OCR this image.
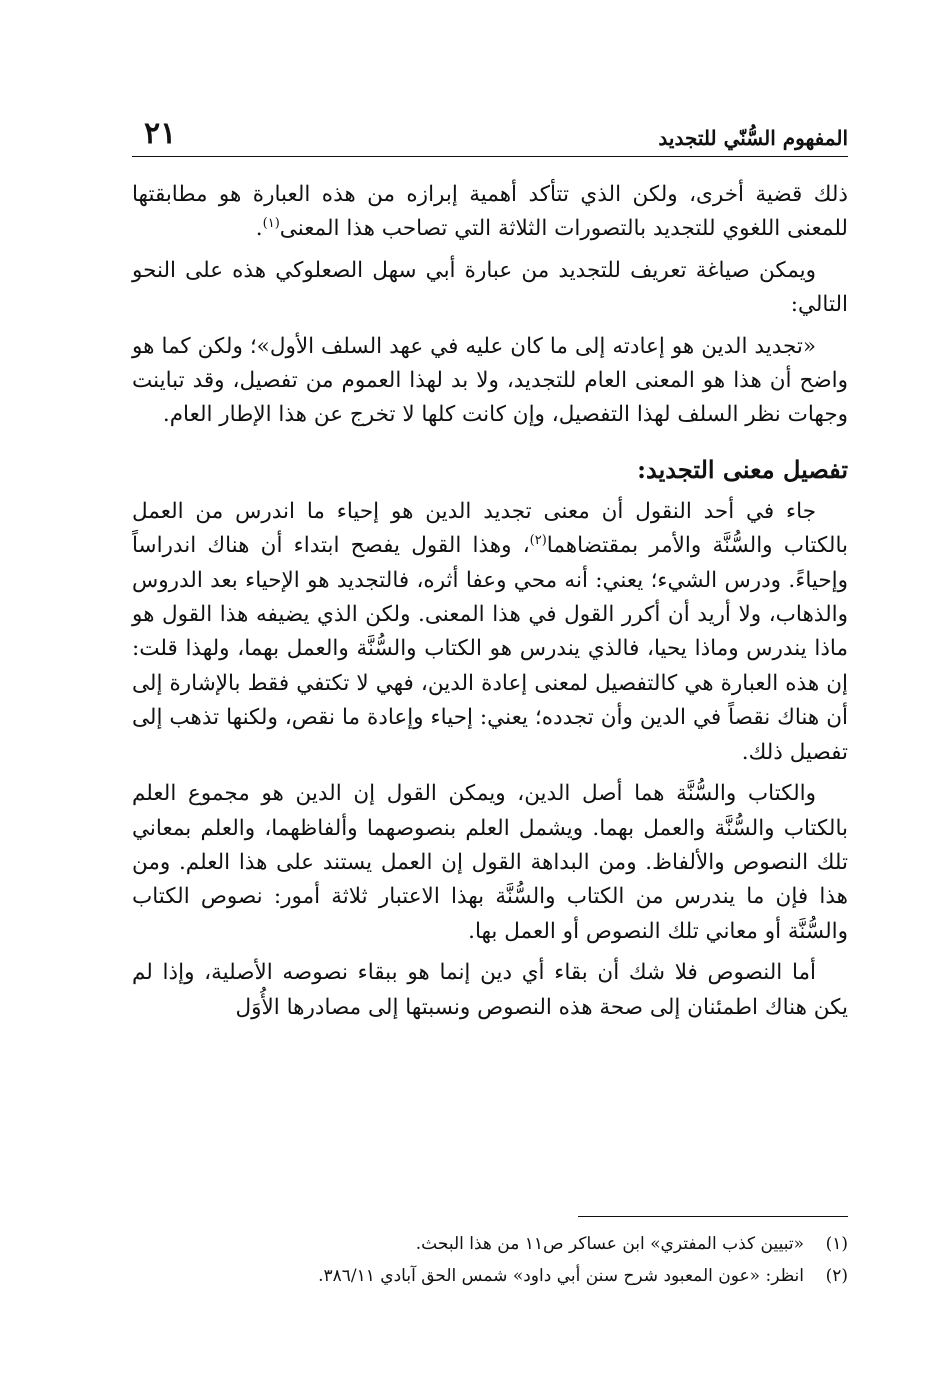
المفهوم السُّنّي للتجديد
٢١

ذلك قضية أخرى، ولكن الذي تتأكد أهمية إبرازه من هذه العبارة هو مطابقتها للمعنى اللغوي للتجديد بالتصورات الثلاثة التي تصاحب هذا المعنى$^{(١)}$.

ويمكن صياغة تعريف للتجديد من عبارة أبي سهل الصعلوكي هذه على النحو التالي:

«تجديد الدين هو إعادته إلى ما كان عليه في عهد السلف الأول»؛ ولكن كما هو واضح أن هذا هو المعنى العام للتجديد، ولا بد لهذا العموم من تفصيل، وقد تباينت وجهات نظر السلف لهذا التفصيل، وإن كانت كلها لا تخرج عن هذا الإطار العام.

تفصيل معنى التجديد:

جاء في أحد النقول أن معنى تجديد الدين هو إحياء ما اندرس من العمل بالكتاب والسُّنَّة والأمر بمقتضاهما$^{(٢)}$، وهذا القول يفصح ابتداء أن هناك اندراساً وإحياءً. ودرس الشيء؛ يعني: أنه محي وعفا أثره، فالتجديد هو الإحياء بعد الدروس والذهاب، ولا أريد أن أكرر القول في هذا المعنى. ولكن الذي يضيفه هذا القول هو ماذا يندرس وماذا يحيا، فالذي يندرس هو الكتاب والسُّنَّة والعمل بهما، ولهذا قلت: إن هذه العبارة هي كالتفصيل لمعنى إعادة الدين، فهي لا تكتفي فقط بالإشارة إلى أن هناك نقصاً في الدين وأن تجدده؛ يعني: إحياء وإعادة ما نقص، ولكنها تذهب إلى تفصيل ذلك.

والكتاب والسُّنَّة هما أصل الدين، ويمكن القول إن الدين هو مجموع العلم بالكتاب والسُّنَّة والعمل بهما. ويشمل العلم بنصوصهما وألفاظهما، والعلم بمعاني تلك النصوص والألفاظ. ومن البداهة القول إن العمل يستند على هذا العلم. ومن هذا فإن ما يندرس من الكتاب والسُّنَّة بهذا الاعتبار ثلاثة أمور: نصوص الكتاب والسُّنَّة أو معاني تلك النصوص أو العمل بها.

أما النصوص فلا شك أن بقاء أي دين إنما هو ببقاء نصوصه الأصلية، وإذا لم يكن هناك اطمئنان إلى صحة هذه النصوص ونسبتها إلى مصادرها الأُوَل

(١)
«تبيين كذب المفتري» ابن عساكر ص١١ من هذا البحث.

(٢)
انظر: «عون المعبود شرح سنن أبي داود» شمس الحق آبادي ٣٨٦/١١.
